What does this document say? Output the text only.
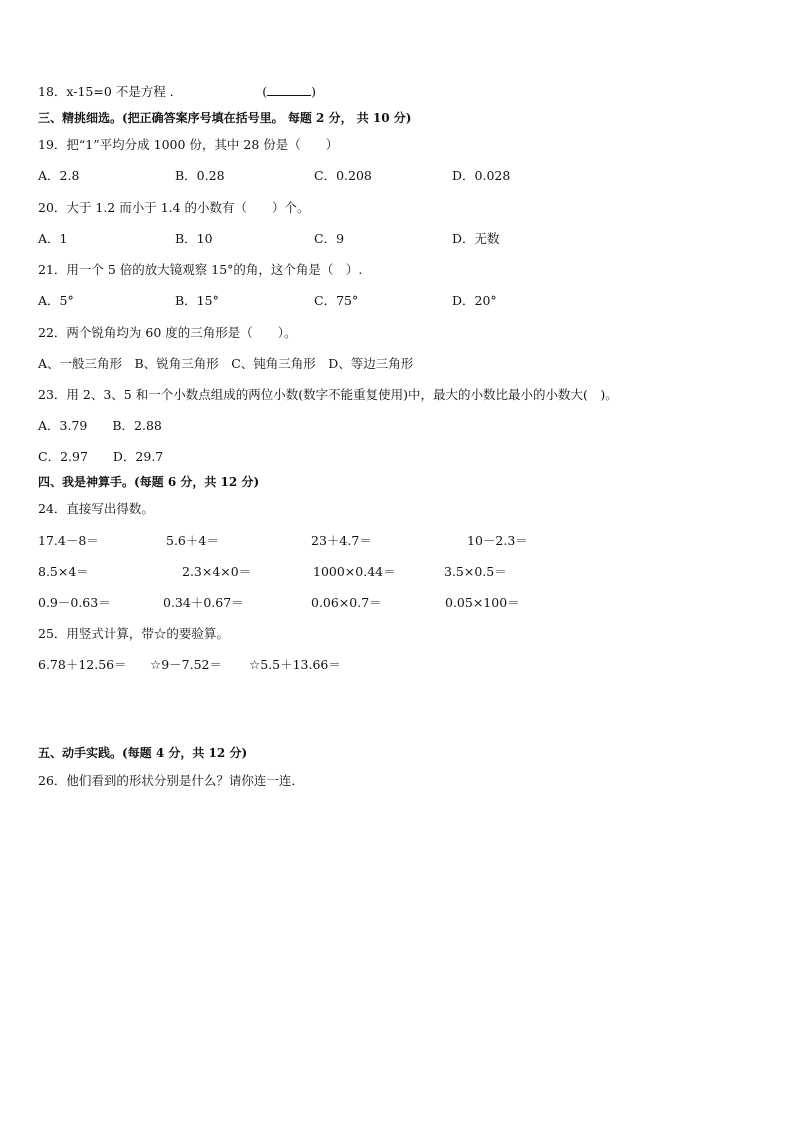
18．x-15=0 不是方程 ．	(	)
三、精挑细选。(把正确答案序号填在括号里。 每题 2 分， 共 10 分)
19．把“1”平均分成 1000 份，其中 28 份是（　　）
A．2.8	B．0.28	C．0.208	D．0.028
20．大于 1.2 而小于 1.4 的小数有（　　）个。
A．1	B．10	C．9	D．无数
21．用一个 5 倍的放大镜观察 15°的角，这个角是（　）.
A．5°	B．15°	C．75°	D．20°
22．两个锐角均为 60 度的三角形是（　　）。
A、一般三角形　B、锐角三角形　C、钝角三角形　D、等边三角形
23．用 2、3、5 和一个小数点组成的两位小数(数字不能重复使用)中，最大的小数比最小的小数大(　)。
A．3.79　　B．2.88
C．2.97　　D．29.7
四、我是神算手。(每题 6 分，共 12 分)
24．直接写出得数。
17.4－8＝	5.6＋4＝	23＋4.7＝	10－2.3＝
8.5×4＝	2.3×4×0＝	1000×0.44＝	3.5×0.5＝
0.9－0.63＝	0.34＋0.67＝	0.06×0.7＝	0.05×100＝
25．用竖式计算，带☆的要验算。
6.78＋12.56＝ ☆9－7.52＝ ☆5.5＋13.66＝
五、动手实践。(每题 4 分，共 12 分)
26．他们看到的形状分别是什么？请你连一连．
